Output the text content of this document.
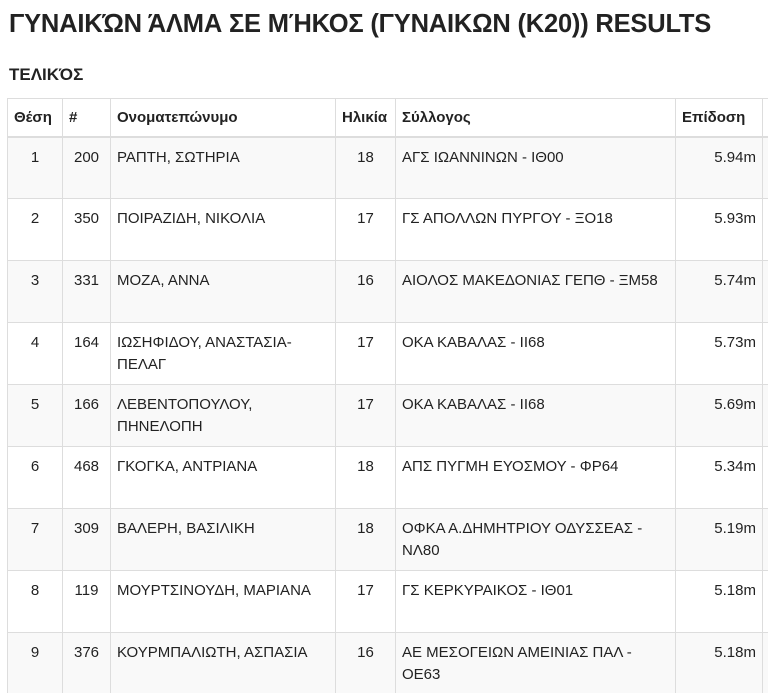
ΓΥΝΑΙΚΏΝ ΆΛΜΑ ΣΕ ΜΉΚΟΣ (ΓΥΝΑΙΚΩΝ (Κ20)) RESULTS
ΤΕΛΙΚΌΣ
Θέση	#	Ονοματεπώνυμο	Ηλικία	Σύλλογος	Επίδοση	
1	200	ΡΑΠΤΗ, ΣΩΤΗΡΙΑ	18	ΑΓΣ ΙΩΑΝΝΙΝΩΝ - ΙΘ00	5.94m	
2	350	ΠΟΙΡΑΖΙΔΗ, ΝΙΚΟΛΙΑ	17	ΓΣ ΑΠΟΛΛΩΝ ΠΥΡΓΟΥ - ΞΟ18	5.93m	
3	331	ΜΟΖΑ, ΑΝΝΑ	16	ΑΙΟΛΟΣ ΜΑΚΕΔΟΝΙΑΣ ΓΕΠΘ - ΞΜ58	5.74m	
4	164	ΙΩΣΗΦΙΔΟΥ, ΑΝΑΣΤΑΣΙΑ-ΠΕΛΑΓ	17	ΟΚΑ ΚΑΒΑΛΑΣ - ΙΙ68	5.73m	
5	166	ΛΕΒΕΝΤΟΠΟΥΛΟΥ, ΠΗΝΕΛΟΠΗ	17	ΟΚΑ ΚΑΒΑΛΑΣ - ΙΙ68	5.69m	
6	468	ΓΚΟΓΚΑ, ΑΝΤΡΙΑΝΑ	18	ΑΠΣ ΠΥΓΜΗ ΕΥΟΣΜΟΥ - ΦΡ64	5.34m	
7	309	ΒΑΛΕΡΗ, ΒΑΣΙΛΙΚΗ	18	ΟΦΚΑ Α.ΔΗΜΗΤΡΙΟΥ ΟΔΥΣΣΕΑΣ - ΝΛ80	5.19m	
8	119	ΜΟΥΡΤΣΙΝΟΥΔΗ, ΜΑΡΙΑΝΑ	17	ΓΣ ΚΕΡΚΥΡΑΙΚΟΣ - ΙΘ01	5.18m	
9	376	ΚΟΥΡΜΠΑΛΙΩΤΗ, ΑΣΠΑΣΙΑ	16	ΑΕ ΜΕΣΟΓΕΙΩΝ ΑΜΕΙΝΙΑΣ ΠΑΛ - ΟΕ63	5.18m	
